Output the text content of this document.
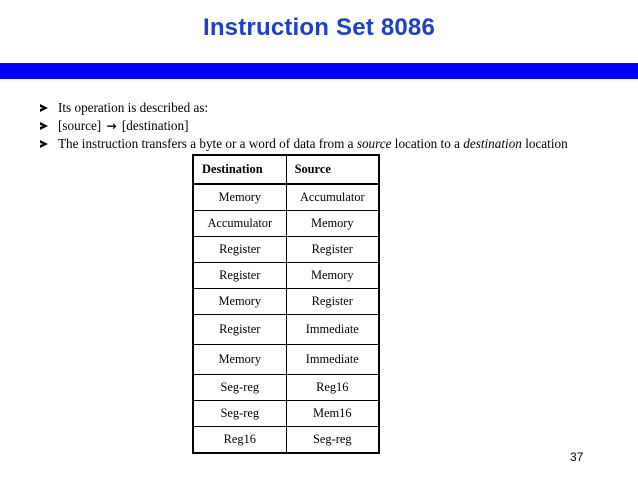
Instruction Set 8086
Its operation is described as:
[source] → [destination]
The instruction transfers a byte or a word of data from a source location to a destination location
Destination	Source
Memory	Accumulator
Accumulator	Memory
Register	Register
Register	Memory
Memory	Register
Register	Immediate
Memory	Immediate
Seg-reg	Reg16
Seg-reg	Mem16
Reg16	Seg-reg
37
